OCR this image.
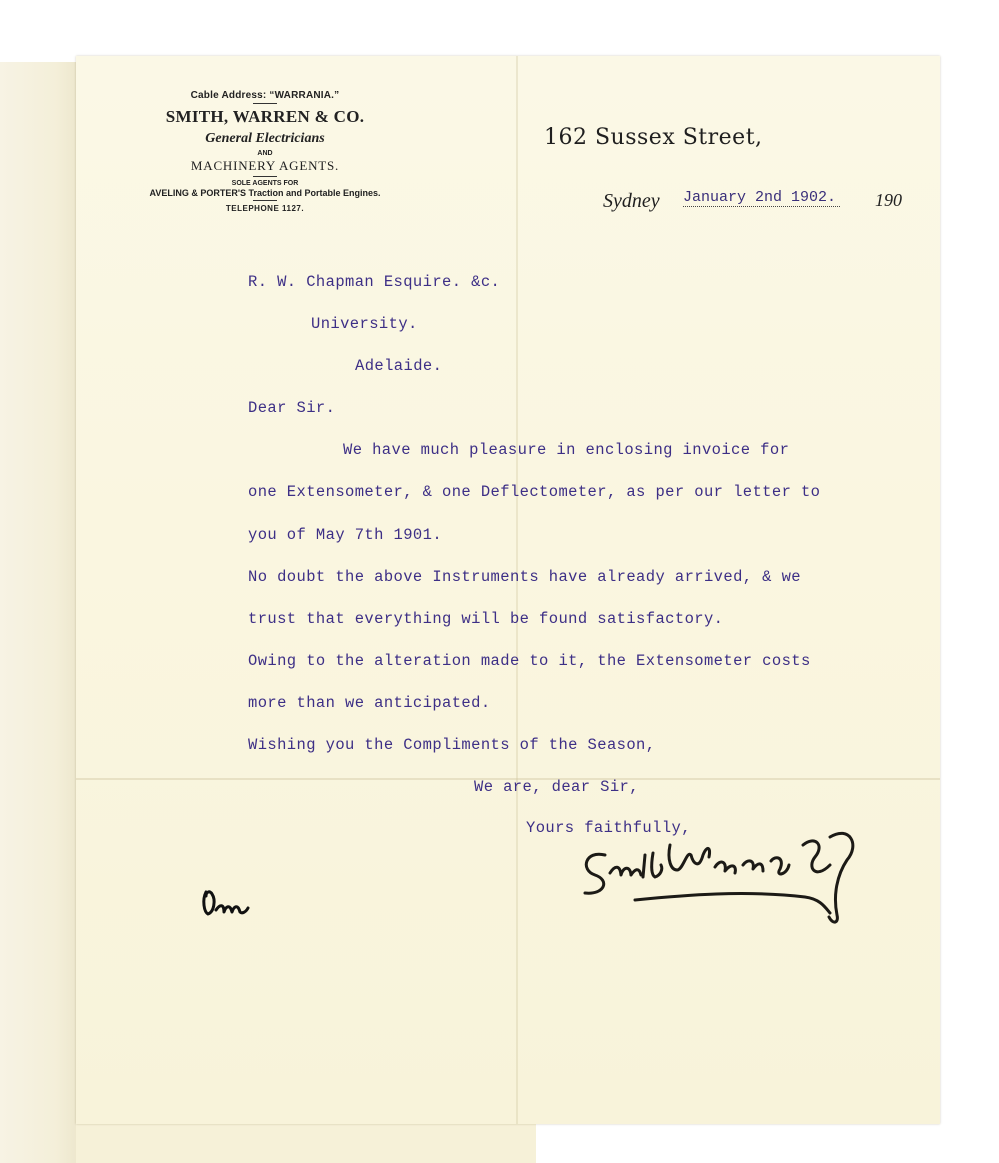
Cable Address: “WARRANIA.”
SMITH, WARREN & CO.
General Electricians
AND
MACHINERY AGENTS.
SOLE AGENTS FOR
AVELING & PORTER'S Traction and Portable Engines.
TELEPHONE 1127.
162 Sussex Street,
Sydney January 2nd 1902. 190
R. W. Chapman Esquire. &c.
University.
Adelaide.
Dear Sir.
We have much pleasure in enclosing invoice for
one Extensometer, & one Deflectometer, as per our letter to
you of May 7th 1901.
No doubt the above Instruments have already arrived, & we
trust that everything will be found satisfactory.
Owing to the alteration made to it, the Extensometer costs
more than we anticipated.
Wishing you the Compliments of the Season,
We are, dear Sir,
Yours faithfully,
